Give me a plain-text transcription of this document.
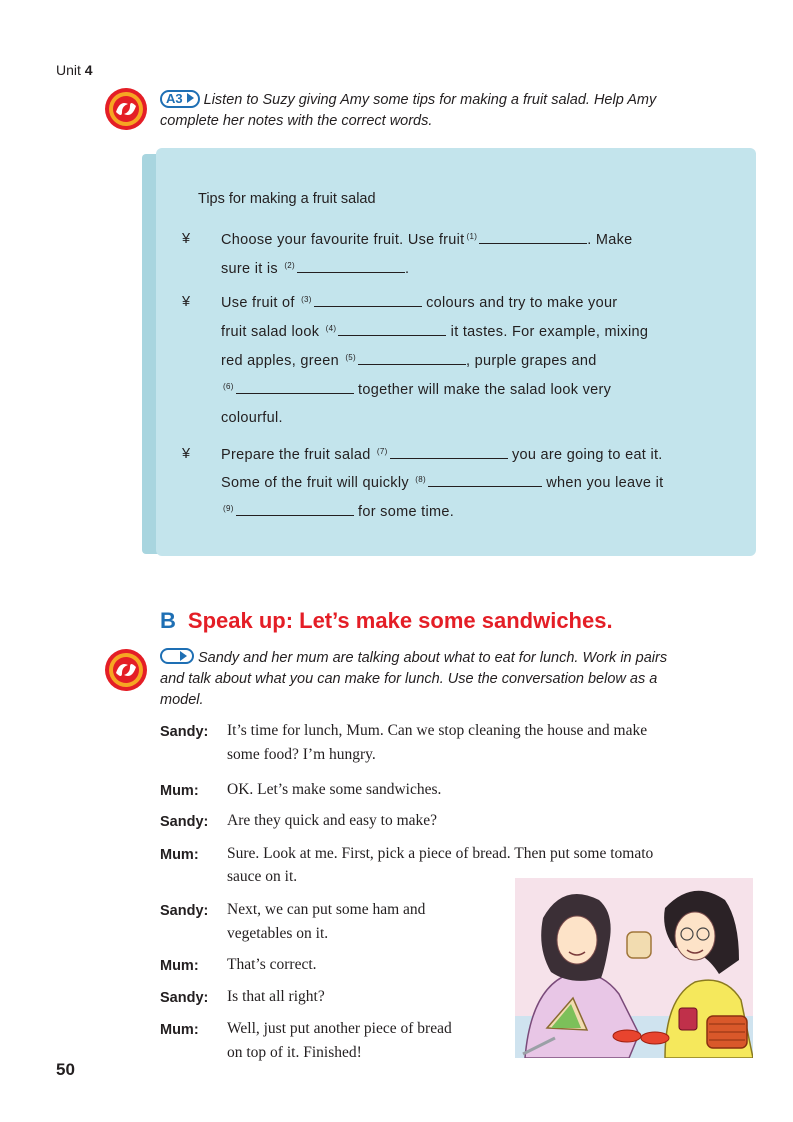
Unit 4
A3 Listen to Suzy giving Amy some tips for making a fruit salad. Help Amy
complete her notes with the correct words.
Tips for making a fruit salad
¥ Choose your favourite fruit. Use fruit $^{(1)}$	. Make
sure it is $^{(2)}$	.
¥ Use fruit of $^{(3)}$	colours and try to make your
fruit salad look $^{(4)}$	it tastes. For example, mixing
red apples, green $^{(5)}$	, purple grapes and
$^{(6)}$	together will make the salad look very
colourful.
¥ Prepare the fruit salad $^{(7)}$	you are going to eat it.
Some of the fruit will quickly $^{(8)}$	when you leave it
$^{(9)}$	for some time.
B Speak up: Let’s make some sandwiches.
Sandy and her mum are talking about what to eat for lunch. Work in pairs
and talk about what you can make for lunch. Use the conversation below as a
model.
Sandy: It’s time for lunch, Mum. Can we stop cleaning the house and make
some food? I’m hungry.
Mum: OK. Let’s make some sandwiches.
Sandy: Are they quick and easy to make?
Mum: Sure. Look at me. First, pick a piece of bread. Then put some tomato
sauce on it.
Sandy: Next, we can put some ham and
vegetables on it.
Mum: That’s correct.
Sandy: Is that all right?
Mum: Well, just put another piece of bread
on top of it. Finished!
50
